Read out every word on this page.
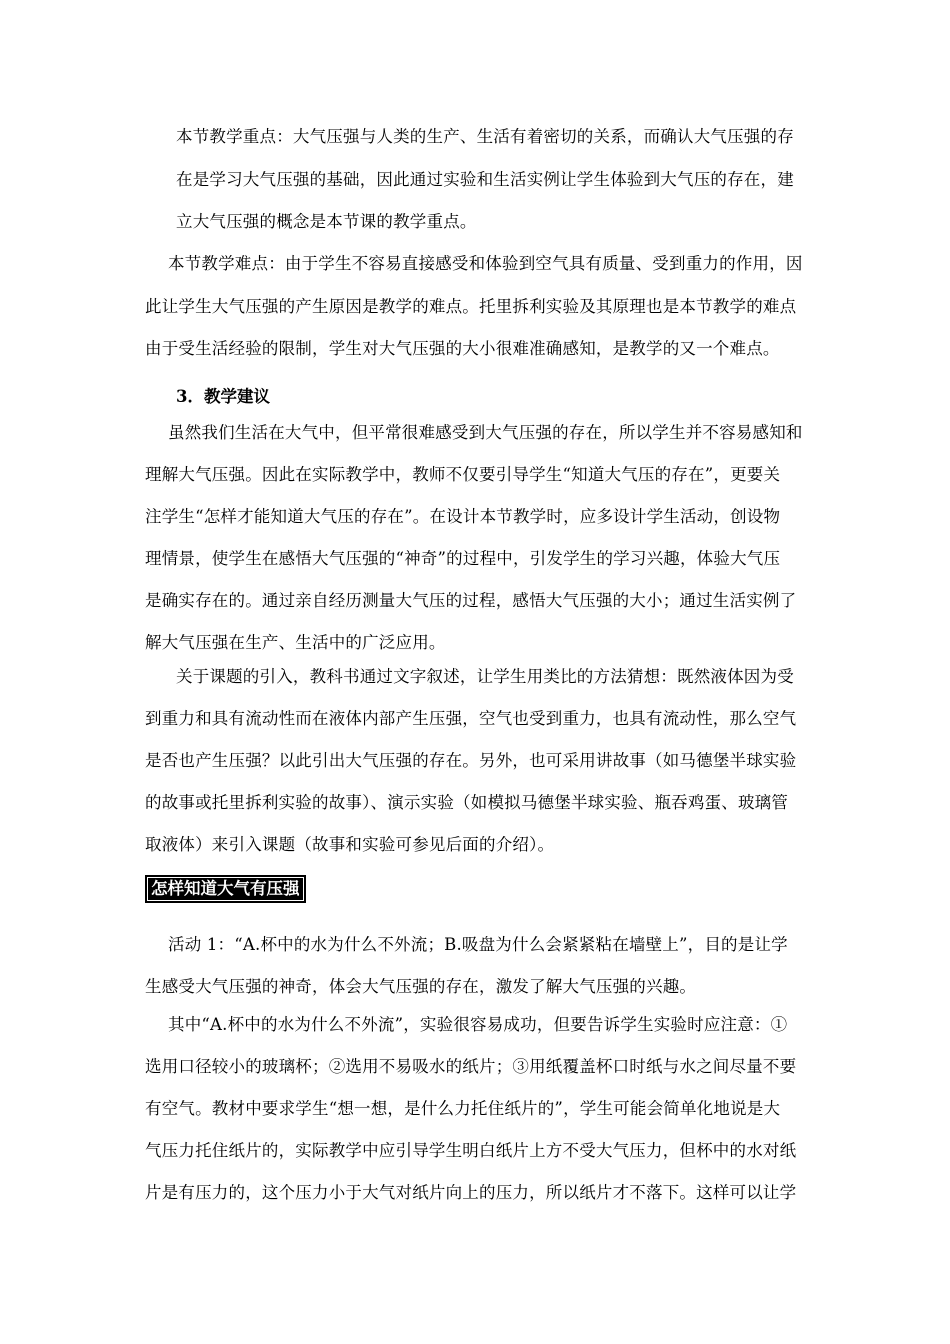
本节教学重点：大气压强与人类的生产、生活有着密切的关系，而确认大气压强的存
在是学习大气压强的基础，因此通过实验和生活实例让学生体验到大气压的存在，建
立大气压强的概念是本节课的教学重点。
本节教学难点：由于学生不容易直接感受和体验到空气具有质量、受到重力的作用，因
此让学生大气压强的产生原因是教学的难点。托里拆利实验及其原理也是本节教学的难点
由于受生活经验的限制，学生对大气压强的大小很难准确感知，是教学的又一个难点。
3．教学建议
虽然我们生活在大气中，但平常很难感受到大气压强的存在，所以学生并不容易感知和
理解大气压强。因此在实际教学中，教师不仅要引导学生“知道大气压的存在”，更要关
注学生“怎样才能知道大气压的存在”。在设计本节教学时，应多设计学生活动，创设物
理情景，使学生在感悟大气压强的“神奇”的过程中，引发学生的学习兴趣，体验大气压
是确实存在的。通过亲自经历测量大气压的过程，感悟大气压强的大小；通过生活实例了
解大气压强在生产、生活中的广泛应用。
关于课题的引入，教科书通过文字叙述，让学生用类比的方法猜想：既然液体因为受
到重力和具有流动性而在液体内部产生压强，空气也受到重力，也具有流动性，那么空气
是否也产生压强？以此引出大气压强的存在。另外，也可采用讲故事（如马德堡半球实验
的故事或托里拆利实验的故事）、演示实验（如模拟马德堡半球实验、瓶吞鸡蛋、玻璃管
取液体）来引入课题（故事和实验可参见后面的介绍）。
怎样知道大气有压强
活动 1：“A.杯中的水为什么不外流；B.吸盘为什么会紧紧粘在墙壁上”，目的是让学
生感受大气压强的神奇，体会大气压强的存在，激发了解大气压强的兴趣。
其中“A.杯中的水为什么不外流”，实验很容易成功，但要告诉学生实验时应注意：①
选用口径较小的玻璃杯；②选用不易吸水的纸片；③用纸覆盖杯口时纸与水之间尽量不要
有空气。教材中要求学生“想一想，是什么力托住纸片的”，学生可能会简单化地说是大
气压力托住纸片的，实际教学中应引导学生明白纸片上方不受大气压力，但杯中的水对纸
片是有压力的，这个压力小于大气对纸片向上的压力，所以纸片才不落下。这样可以让学
